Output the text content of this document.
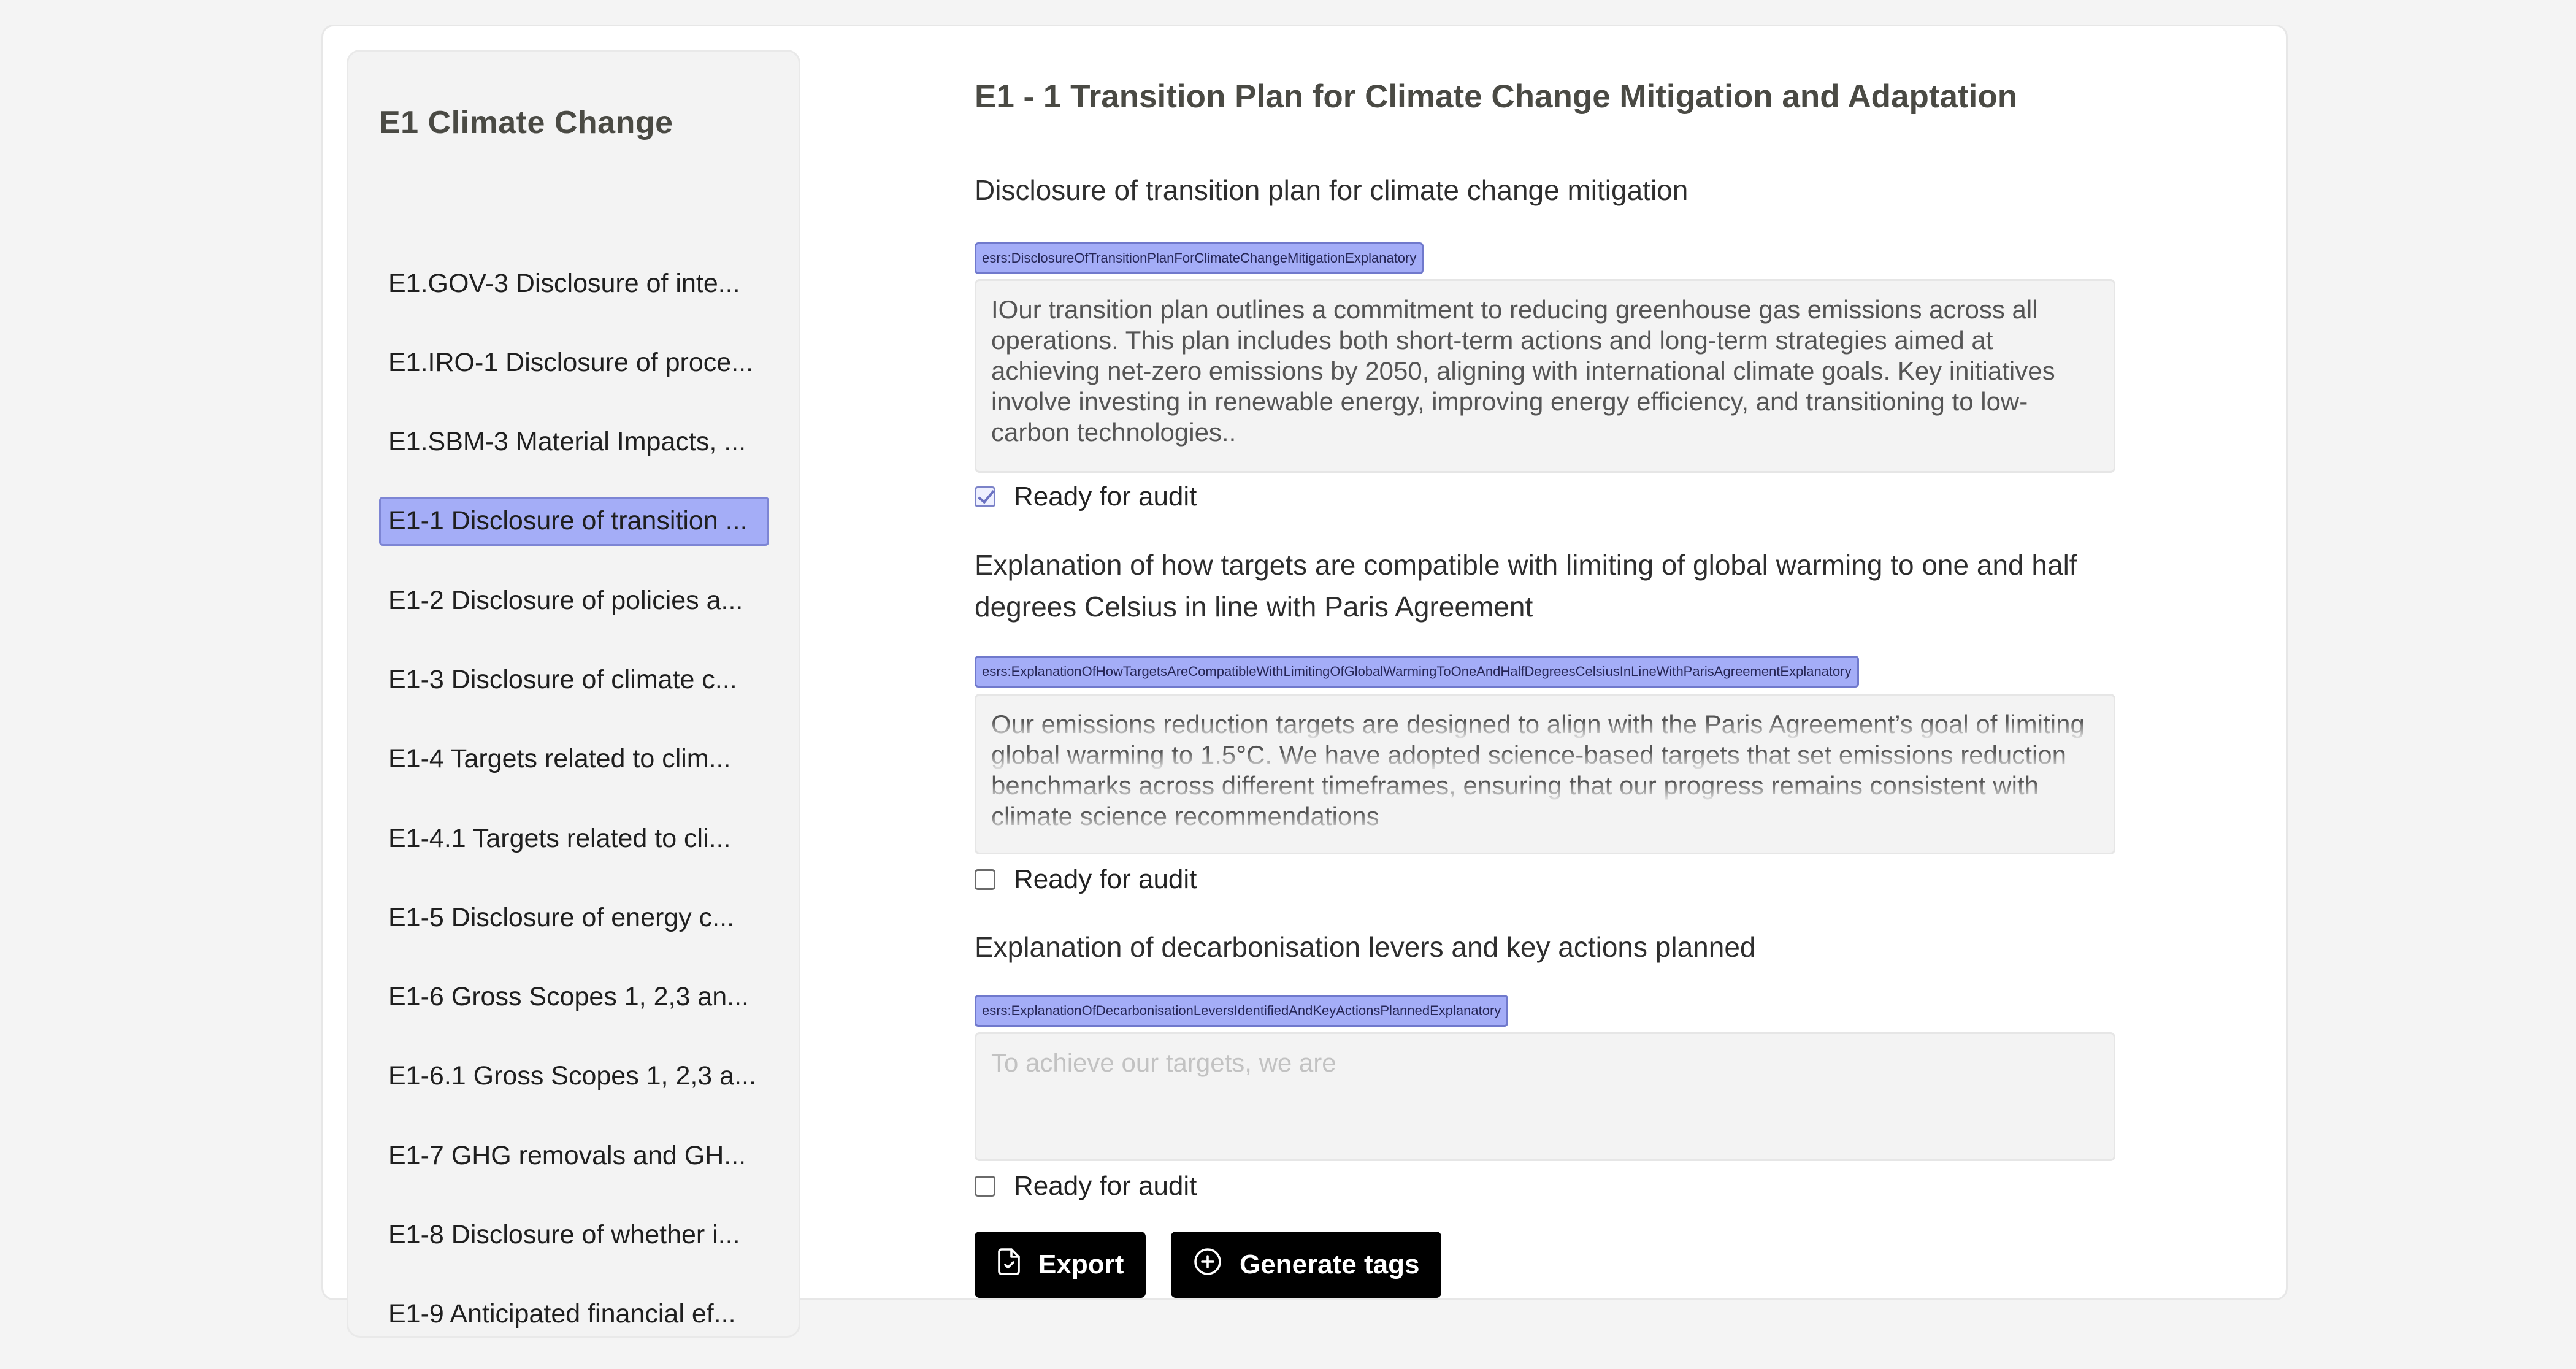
E1 Climate Change
E1.GOV-3 Disclosure of inte...
E1.IRO-1 Disclosure of proce...
E1.SBM-3 Material Impacts, ...
E1-1 Disclosure of transition ...
E1-2 Disclosure of policies a...
E1-3 Disclosure of climate c...
E1-4 Targets related to clim...
E1-4.1 Targets related to cli...
E1-5 Disclosure of energy c...
E1-6 Gross Scopes 1, 2,3 an...
E1-6.1 Gross Scopes 1, 2,3 a...
E1-7 GHG removals and GH...
E1-8 Disclosure of whether i...
E1-9 Anticipated financial ef...
E1 - 1 Transition Plan for Climate Change Mitigation and Adaptation
Disclosure of transition plan for climate change mitigation
esrs:DisclosureOfTransitionPlanForClimateChangeMitigationExplanatory
IOur transition plan outlines a commitment to reducing greenhouse gas emissions across all operations. This plan includes both short-term actions and long-term strategies aimed at achieving net-zero emissions by 2050, aligning with international climate goals. Key initiatives involve investing in renewable energy, improving energy efficiency, and transitioning to low-carbon technologies..
Ready for audit
Explanation of how targets are compatible with limiting of global warming to one and half degrees Celsius in line with Paris Agreement
esrs:ExplanationOfHowTargetsAreCompatibleWithLimitingOfGlobalWarmingToOneAndHalfDegreesCelsiusInLineWithParisAgreementExplanatory
Our emissions reduction targets are designed to align with the Paris Agreement’s goal of limiting global warming to 1.5°C. We have adopted science-based targets that set emissions reduction benchmarks across different timeframes, ensuring that our progress remains consistent with climate science recommendations
Ready for audit
Explanation of decarbonisation levers and key actions planned
esrs:ExplanationOfDecarbonisationLeversIdentifiedAndKeyActionsPlannedExplanatory
To achieve our targets, we are
Ready for audit
Export	Generate tags
